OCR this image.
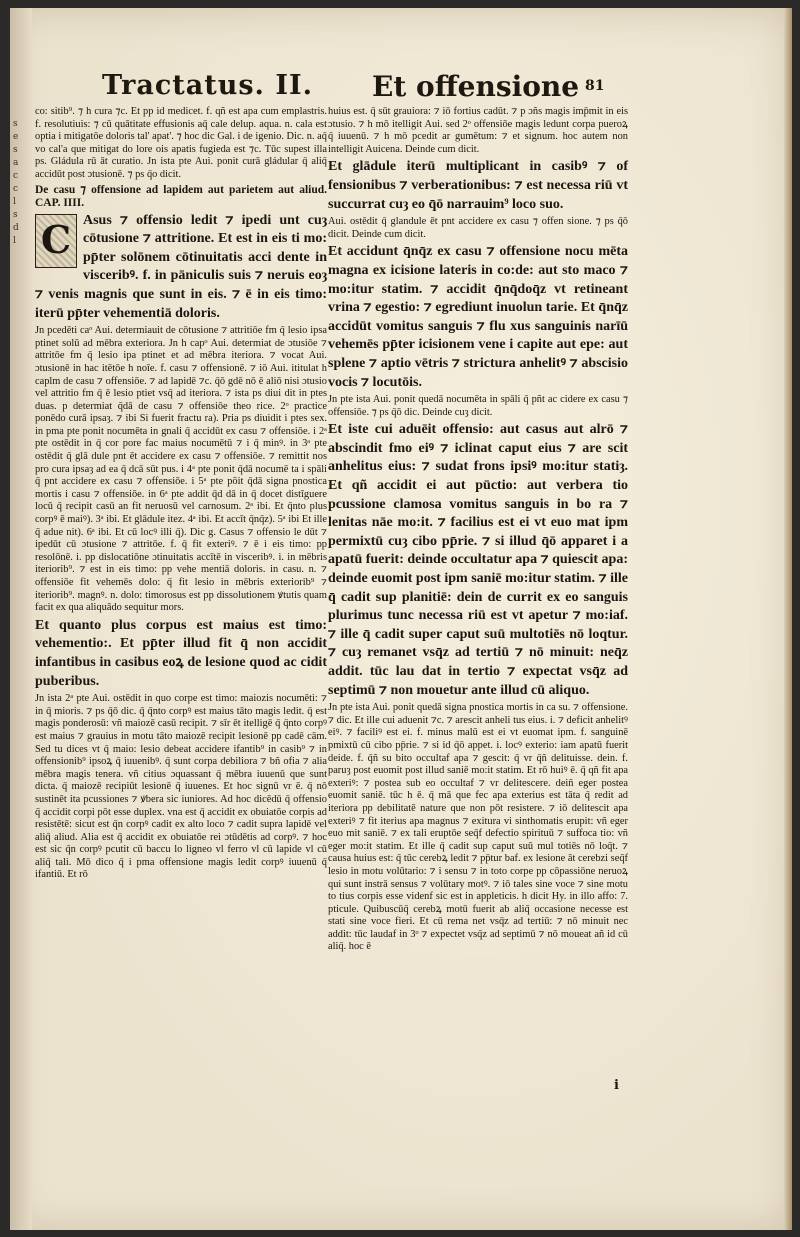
s
e
s
a
c
c
l
s
d
l
Tractatus. II. Et offensione 81

co: sitib⁹. ⁊ h cura ⁊c. Et pp id medicet. f. qñ est apa cum emplastris. f. resolutiuis: ⁊ cū quātitate effusionis aq̄ cale delup. aqua. n. cala est optia i mitigatōe doloris tal' apat'. ⁊ hoc dic Gal. i de igenio. Dic. n. aq̄ vo cal'a que mitigat do lore ois apatis fugieda est ⁊c. Tūc supest illa ps. Gládula rū āt curatio. Jn ista pte Aui. ponit curā gládular q̄ aliq̄ accidūt post ɔtusionē. ⁊ ps q̄o dicit.

De casu ⁊ offensione ad lapidem aut parietem aut aliud. CAP. IIII.

C Asus ⁊ offensio ledit ⁊ ipedi unt cuȝ cōtusione ⁊ attritione. Et est in eis ti mo: pp̄ter solōnem cōtinuitatis acci dente in visceribꝰ. f. in pāniculis suis ⁊ neruis eoȝ ⁊ venis magnis que sunt in eis. ⁊ ē in eis timo: iterū pp̄ter vehementiā doloris.

Jn pcedēti caᵒ Aui. determiauit de cōtusione ⁊ attritiōe fm q̄ lesio ipsa ptinet solū ad mēbra exteriora. Jn h capᵒ Aui. determiat de ɔtusiōe ⁊ attritōe fm q̄ lesio ipa ptinet et ad mēbra iteriora. ⁊ vocat Aui. ɔtusionē in hac itētōe h noīe. f. casu ⁊ offensionē. ⁊ iō Aui. ititulat h caplm de casu ⁊ offensiōe. ⁊ ad lapidē ⁊c. q̄ō gdē nō ē aliō nisi ɔtusio vel attritio fm q̄ ē lesio ptiet vsq̄ ad iteriora. ⁊ ista ps diui dit in ptes duas. p determiat q̄dā de casu ⁊ offensiōe theo rice. 2ᵒ practice ponēdo curā ipsaȝ. ⁊ ibi Si fuerit fractu ra). Pria ps diuidit i ptes sex. in pma pte ponit nocumēta in gnali q̄ accidūt ex casu ⁊ offensiōe. i 2ᵃ pte ostēdit in q̄ cor pore fac maius nocumētū ⁊ i q̄ minꝰ. in 3ᵃ pte ostēdit q̄ glā dule pnt ēt accidere ex casu ⁊ offensiōe. ⁊ remittit nos pro cura ipsaȝ ad ea q̄ dcā sūt pus. i 4ᵃ pte ponit q̄dā nocumē ta i spāli q̄ pnt accidere ex casu ⁊ offensiōe. i 5ᵃ pte põit q̄dā signa pnostica mortis i casu ⁊ offensiōe. in 6ᵃ pte addit q̄d dā in q̄ docet distīguere locū q̄ recipit casū an fit neruosū vel carnosum. 2ᵃ ibi. Et q̄nto plus corpꝰ ē maiꝰ). 3ᵃ ibi. Et glādule itez. 4ᵃ ibi. Et accīt q̄nq̄z). 5ᵃ ibi Et ille q̄ adue nit). 6ᵃ ibi. Et cū locꝰ illi q̄). Dic g. Casus ⁊ offensio le dūt ⁊ ipedūt cū ɔtusione ⁊ attritōe. f. q̄ fit exteriꝰ. ⁊ ē i eis timo: pp resolōnē. i. pp dislocatiōne ɔtinuitatis accītē in visceribꝰ. i. in mēbris iteriorib⁹. ⁊ est in eis timo: pp vehe mentiā doloris. in casu. n. ⁊ offensiōe fit vehemēs dolo: q̄ fit lesio in mēbris exteriorib⁹ ⁊ iteriorib⁹. magnꝰ. n. dolo: timorosus est pp dissolutionem ꝟtutis quam facit ex qua aliquādo sequitur mors.

Et quanto plus corpus est maius est timo: vehementio:. Et pp̄ter illud fit q̄ non accidit infantibus in casibus eoꝝ de lesione quod ac cidit puberibus.

Jn ista 2ᵃ pte Aui. ostēdit in quo corpe est timo: maiozis nocumēti: ⁊ in q̄ mioris. ⁊ ps q̄ō dic. q̄ q̄nto corpꝰ est maius tāto magis ledit. q̄ est magis ponderosū: vñ maiozē casū recipit. ⁊ sīr ēt itelligē q̄ q̄nto corpꝰ est maius ⁊ grauius in motu tāto maiozē recipit lesionē pp cadē cām. Sed tu dices vt q̄ maio: lesio debeat accidere ifantib⁹ in casib⁹ ⁊ in offensionib⁹ ipsoꝝ q̄ iuuenibꝰ. q̄ sunt corpa debiliora ⁊ bñ ofia ⁊ alia mēbra magis tenera. vñ citius ɔquassant q̄ mēbra iuuenū que sunt dicta. q̄ maiozē recipiūt lesionē q̄ iuuenes. Et hoc signū vr ē. q̄ nō sustinēt ita pcussiones ⁊ ꝟbera sic iuniores. Ad hoc dicēdū q̄ offensio q̄ accidit corpi pōt esse duplex. vna est q̄ accidit ex obuiatōe corpis ad resistētē: sicut est q̄n corpꝰ cadit ex alto loco ⁊ cadit supra lapidē vel aliq̄ aliud. Alia est q̄ accidit ex obuiatōe rei ɔtūdētis ad corpꝰ. ⁊ hoc est sic q̄n corpꝰ pcutit cū baccu lo ligneo vl ferro vl cū lapide vl cū aliq̄ tali. Mō dico q̄ i pma offensione magis ledit corpꝰ iuuenū q̄ ifantiū. Et rō

huius est. q̄ sūt grauiora: ⁊ iō fortius cadūt. ⁊ p ɔñs magis imp̄mit in eis ɔtusio. ⁊ h mō itelligit Aui. sed 2ᵒ offensiōe magis ledunt corpa pueroꝝ q̄ iuuenū. ⁊ h mō pcedit ar gumētum: ⁊ et signum. hoc autem non intelligit Auicena. Deinde cum dicit.

Et glādule iterū multiplicant in casibꝰ ⁊ of fensionibus ⁊ verberationibus: ⁊ est necessa riū vt succurrat cuȝ eo q̄ō narrauim⁹ loco suo.

Aui. ostēdit q̄ glandule ēt pnt accidere ex casu ⁊ offen sione. ⁊ ps q̄ō dicit. Deinde cum dicit.

Et accidunt q̄nq̄z ex casu ⁊ offensione nocu mēta magna ex icisione lateris in co:de: aut sto maco ⁊ mo:itur statim. ⁊ accidit q̄nq̄doq̄z vt retineant vrina ⁊ egestio: ⁊ egrediunt inuolun tarie. Et q̄nq̄z accidūt vomitus sanguis ⁊ flu xus sanguinis narīū vehemēs pp̄ter icisionem vene i capite aut epe: aut splene ⁊ aptio vētris ⁊ strictura anhelitꝰ ⁊ abscisio vocis ⁊ locutōis.

Jn pte ista Aui. ponit quedā nocumēta in spāli q̄ pñt ac cidere ex casu ⁊ offensiōe. ⁊ ps q̄ō dic. Deinde cuȝ dicit.

Et iste cui aduēit offensio: aut casus aut alrō ⁊ abscindit fmo eiꝰ ⁊ iclinat caput eius ⁊ are scit anhelitus eius: ⁊ sudat frons ipsiꝰ mo:itur statiȝ. Et qñ accidit ei aut pūctio: aut verbera tio pcussione clamosa vomitus sanguis in bo ra ⁊ lenitas nāe mo:it. ⁊ facilius est ei vt euo mat ipm permixtū cuȝ cibo pp̄rie. ⁊ si illud q̄ō apparet i a apatū fuerit: deinde occultatur apa ⁊ quiescit apa: deinde euomit post ipm saniē mo:itur statim. ⁊ ille q̄ cadit sup planitiē: dein de currit ex eo sanguis plurimus tunc necessa riū est vt apetur ⁊ mo:iaf. ⁊ ille q̄ cadit super caput suū multotiēs nō loqtur. ⁊ cuȝ remanet vsq̄z ad tertiū ⁊ nō minuit: neq̄z addit. tūc lau dat in tertio ⁊ expectat vsq̄z ad septimū ⁊ non mouetur ante illud cū aliquo.

Jn pte ista Aui. ponit quedā signa pnostica mortis in ca su. ⁊ offensione. ⁊ dic. Et ille cui aduenit ⁊c. ⁊ arescit anheli tus eius. i. ⁊ deficit anhelitꝰ eiꝰ. ⁊ faciliꝰ est ei. f. minus malū est ei vt euomat ipm. f. sanguinē pmixtū cū cibo pp̄rie. ⁊ si id q̄ō appet. i. locꝰ exterio: iam apatū fuerit deide. f. q̄ñ su bito occultaf apa ⁊ gescit: q̄ vr q̄ñ delituisse. dein. f. paruȝ post euomit post illud saniē mo:it statim. Et rō huiꝰ ē. q̄ qñ fit apa exteriꝰ: ⁊ postea sub eo occultaf ⁊ vr delitescere. deiñ eger postea euomit saniē. tūc h ē. q̄ mā que fec apa exterius est tāta q̄ redit ad iteriora pp debilitatē nature que non pōt resistere. ⁊ iō delitescit apa exteriꝰ ⁊ fit iterius apa magnus ⁊ exitura vi sinthomatis erupit: vñ eger euo mit saniē. ⁊ ex tali eruptōe seq̄f defectio spirituū ⁊ suffoca tio: vñ eger mo:it statim. Et ille q̄ cadit sup caput suū mul totiēs nō loq̄t. ⁊ causa huius est: q̄ tūc cerebꝝ ledit ⁊ pp̄tur baf. ex lesione āt cerebzi seq̄f lesio in motu volūtario: ⁊ i sensu ⁊ in toto corpe pp cōpassiōne neruoꝝ qui sunt instrā sensus ⁊ volūtary motꝰ. ⁊ iō tales sine voce ⁊ sine motu to tius corpis esse videnf sic est in appleticis. h dicit Hy. in illo affo: 7. pticule. Quibuscūq̄ cerebꝝ motū fuerit ab aliq̄ occasione necesse est stati sine voce fieri. Et cū rema net vsq̄z ad tertiū: ⁊ nō minuit nec addit: tūc laudaf in 3ᵒ ⁊ expectet vsq̄z ad septimū ⁊ nō moueat añ id cū aliq̄. hoc ē

i
